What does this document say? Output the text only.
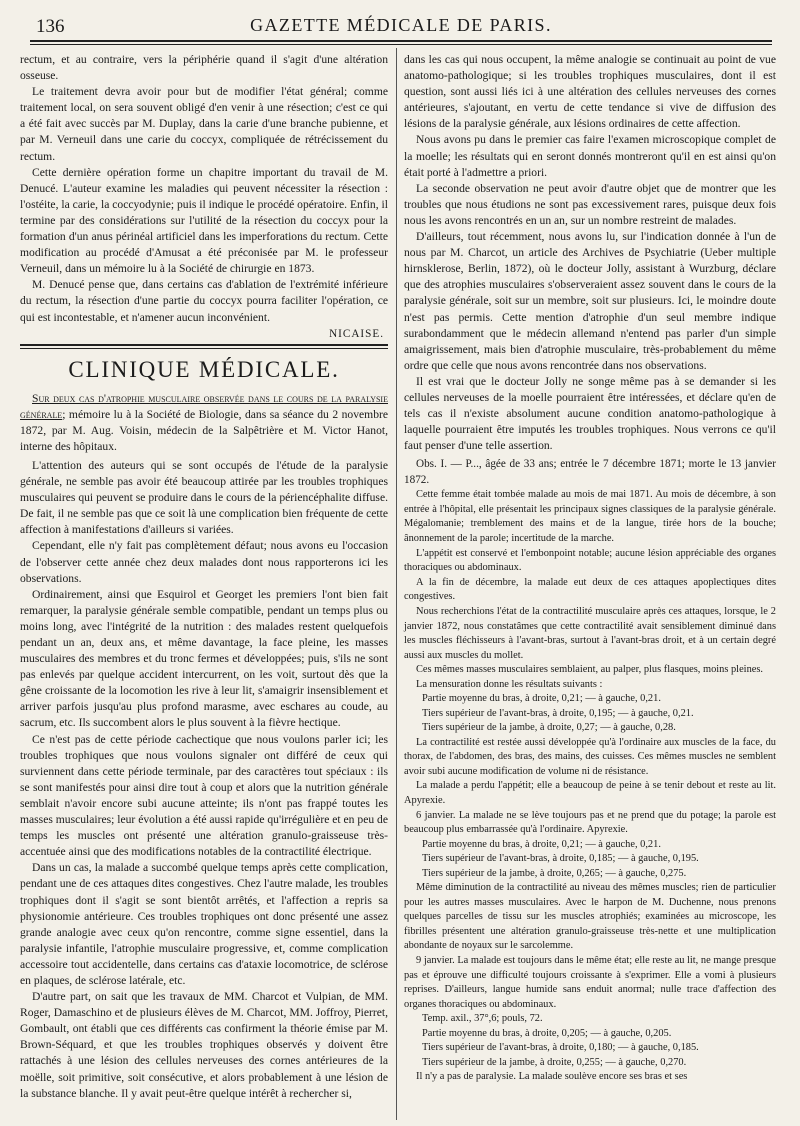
136	GAZETTE MÉDICALE DE PARIS.

rectum, et au contraire, vers la périphérie quand il s'agit d'une altération osseuse.

Le traitement devra avoir pour but de modifier l'état général; comme traitement local, on sera souvent obligé d'en venir à une résection; c'est ce qui a été fait avec succès par M. Duplay, dans la carie d'une branche pubienne, et par M. Verneuil dans une carie du coccyx, compliquée de rétrécissement du rectum.

Cette dernière opération forme un chapitre important du travail de M. Denucé. L'auteur examine les maladies qui peuvent nécessiter la résection : l'ostéite, la carie, la coccyodynie; puis il indique le procédé opératoire. Enfin, il termine par des considérations sur l'utilité de la résection du coccyx pour la formation d'un anus périnéal artificiel dans les imperforations du rectum. Cette modification au procédé d'Amusat a été préconisée par M. le professeur Verneuil, dans un mémoire lu à la Société de chirurgie en 1873.

M. Denucé pense que, dans certains cas d'ablation de l'extrémité inférieure du rectum, la résection d'une partie du coccyx pourra faciliter l'opération, ce qui est incontestable, et n'amener aucun inconvénient.

NICAISE.
CLINIQUE MÉDICALE.

Sur deux cas d'atrophie musculaire observée dans le cours de la paralysie générale; mémoire lu à la Société de Biologie, dans sa séance du 2 novembre 1872, par M. Aug. Voisin, médecin de la Salpêtrière et M. Victor Hanot, interne des hôpitaux.

L'attention des auteurs qui se sont occupés de l'étude de la paralysie générale, ne semble pas avoir été beaucoup attirée par les troubles trophiques musculaires qui peuvent se produire dans le cours de la périencéphalite diffuse. De fait, il ne semble pas que ce soit là une complication bien fréquente de cette affection à manifestations d'ailleurs si variées.

Cependant, elle n'y fait pas complètement défaut; nous avons eu l'occasion de l'observer cette année chez deux malades dont nous rapporterons ici les observations.

Ordinairement, ainsi que Esquirol et Georget les premiers l'ont bien fait remarquer, la paralysie générale semble compatible, pendant un temps plus ou moins long, avec l'intégrité de la nutrition : des malades restent quelquefois pendant un an, deux ans, et même davantage, la face pleine, les masses musculaires des membres et du tronc fermes et développées; puis, s'ils ne sont pas enlevés par quelque accident intercurrent, on les voit, surtout dès que la gêne croissante de la locomotion les rive à leur lit, s'amaigrir insensiblement et arriver parfois jusqu'au plus profond marasme, avec eschares au coude, au sacrum, etc. Ils succombent alors le plus souvent à la fièvre hectique.

Ce n'est pas de cette période cachectique que nous voulons parler ici; les troubles trophiques que nous voulons signaler ont différé de ceux qui surviennent dans cette période terminale, par des caractères tout spéciaux : ils se sont manifestés pour ainsi dire tout à coup et alors que la nutrition générale semblait n'avoir encore subi aucune atteinte; ils n'ont pas frappé toutes les masses musculaires; leur évolution a été aussi rapide qu'irrégulière et en peu de temps les muscles ont présenté une altération granulo-graisseuse très-accentuée ainsi que des modifications notables de la contractilité électrique.

Dans un cas, la malade a succombé quelque temps après cette complication, pendant une de ces attaques dites congestives. Chez l'autre malade, les troubles trophiques dont il s'agit se sont bientôt arrêtés, et l'affection a repris sa physionomie antérieure. Ces troubles trophiques ont donc présenté une assez grande analogie avec ceux qu'on rencontre, comme signe essentiel, dans la paralysie infantile, l'atrophie musculaire progressive, et, comme complication accessoire tout accidentelle, dans certains cas d'ataxie locomotrice, de sclérose en plaques, de sclérose latérale, etc.

D'autre part, on sait que les travaux de MM. Charcot et Vulpian, de MM. Roger, Damaschino et de plusieurs élèves de M. Charcot, MM. Joffroy, Pierret, Gombault, ont établi que ces différents cas confirment la théorie émise par M. Brown-Séquard, et que les troubles trophiques observés y doivent être rattachés à une lésion des cellules nerveuses des cornes antérieures de la moëlle, soit primitive, soit consécutive, et alors probablement à une lésion de la substance blanche. Il y avait peut-être quelque intérêt à rechercher si,

dans les cas qui nous occupent, la même analogie se continuait au point de vue anatomo-pathologique; si les troubles trophiques musculaires, dont il est question, sont aussi liés ici à une altération des cellules nerveuses des cornes antérieures, s'ajoutant, en vertu de cette tendance si vive de diffusion des lésions de la paralysie générale, aux lésions ordinaires de cette affection.

Nous avons pu dans le premier cas faire l'examen microscopique complet de la moelle; les résultats qui en seront donnés montreront qu'il en est ainsi qu'on était porté à l'admettre a priori.

La seconde observation ne peut avoir d'autre objet que de montrer que les troubles que nous étudions ne sont pas excessivement rares, puisque deux fois nous les avons rencontrés en un an, sur un nombre restreint de malades.

D'ailleurs, tout récemment, nous avons lu, sur l'indication donnée à l'un de nous par M. Charcot, un article des Archives de Psychiatrie (Ueber multiple hirnsklerose, Berlin, 1872), où le docteur Jolly, assistant à Wurzburg, déclare que des atrophies musculaires s'observeraient assez souvent dans le cours de la paralysie générale, soit sur un membre, soit sur plusieurs. Ici, le moindre doute n'est pas permis. Cette mention d'atrophie d'un seul membre indique surabondamment que le médecin allemand n'entend pas parler d'un simple amaigrissement, mais bien d'atrophie musculaire, très-probablement du même ordre que celle que nous avons rencontrée dans nos observations.

Il est vrai que le docteur Jolly ne songe même pas à se demander si les cellules nerveuses de la moelle pourraient être intéressées, et déclare qu'en de tels cas il n'existe absolument aucune condition anatomo-pathologique à laquelle pourraient être imputés les troubles trophiques. Nous verrons ce qu'il faut penser d'une telle assertion.

Obs. I. — P..., âgée de 33 ans; entrée le 7 décembre 1871; morte le 13 janvier 1872.

Cette femme était tombée malade au mois de mai 1871. Au mois de décembre, à son entrée à l'hôpital, elle présentait les principaux signes classiques de la paralysie générale. Mégalomanie; tremblement des mains et de la langue, tirée hors de la bouche; ânonnement de la parole; incertitude de la marche.

L'appétit est conservé et l'embonpoint notable; aucune lésion appréciable des organes thoraciques ou abdominaux.

A la fin de décembre, la malade eut deux de ces attaques apoplectiques dites congestives.

Nous recherchions l'état de la contractilité musculaire après ces attaques, lorsque, le 2 janvier 1872, nous constatâmes que cette contractilité avait sensiblement diminué dans les muscles fléchisseurs à l'avant-bras, surtout à l'avant-bras droit, et à un certain degré aussi aux muscles du mollet.

Ces mêmes masses musculaires semblaient, au palper, plus flasques, moins pleines.

La mensuration donne les résultats suivants :

Partie moyenne du bras, à droite, 0,21; — à gauche, 0,21.

Tiers supérieur de l'avant-bras, à droite, 0,195; — à gauche, 0,21.

Tiers supérieur de la jambe, à droite, 0,27; — à gauche, 0,28.

La contractilité est restée aussi développée qu'à l'ordinaire aux muscles de la face, du thorax, de l'abdomen, des bras, des mains, des cuisses. Ces mêmes muscles ne semblent avoir subi aucune modification de volume ni de résistance.

La malade a perdu l'appétit; elle a beaucoup de peine à se tenir debout et reste au lit. Apyrexie.

6 janvier. La malade ne se lève toujours pas et ne prend que du potage; la parole est beaucoup plus embarrassée qu'à l'ordinaire. Apyrexie.

Partie moyenne du bras, à droite, 0,21; — à gauche, 0,21.

Tiers supérieur de l'avant-bras, à droite, 0,185; — à gauche, 0,195.

Tiers supérieur de la jambe, à droite, 0,265; — à gauche, 0,275.

Même diminution de la contractilité au niveau des mêmes muscles; rien de particulier pour les autres masses musculaires. Avec le harpon de M. Duchenne, nous prenons quelques parcelles de tissu sur les muscles atrophiés; examinées au microscope, les fibrilles présentent une altération granulo-graisseuse très-nette et une multiplication abondante de noyaux sur le sarcolemme.

9 janvier. La malade est toujours dans le même état; elle reste au lit, ne mange presque pas et éprouve une difficulté toujours croissante à s'exprimer. Elle a vomi à plusieurs reprises. D'ailleurs, langue humide sans enduit anormal; nulle trace d'affection des organes thoraciques ou abdominaux.

Temp. axil., 37°,6; pouls, 72.

Partie moyenne du bras, à droite, 0,205; — à gauche, 0,205.

Tiers supérieur de l'avant-bras, à droite, 0,180; — à gauche, 0,185.

Tiers supérieur de la jambe, à droite, 0,255; — à gauche, 0,270.

Il n'y a pas de paralysie. La malade soulève encore ses bras et ses
